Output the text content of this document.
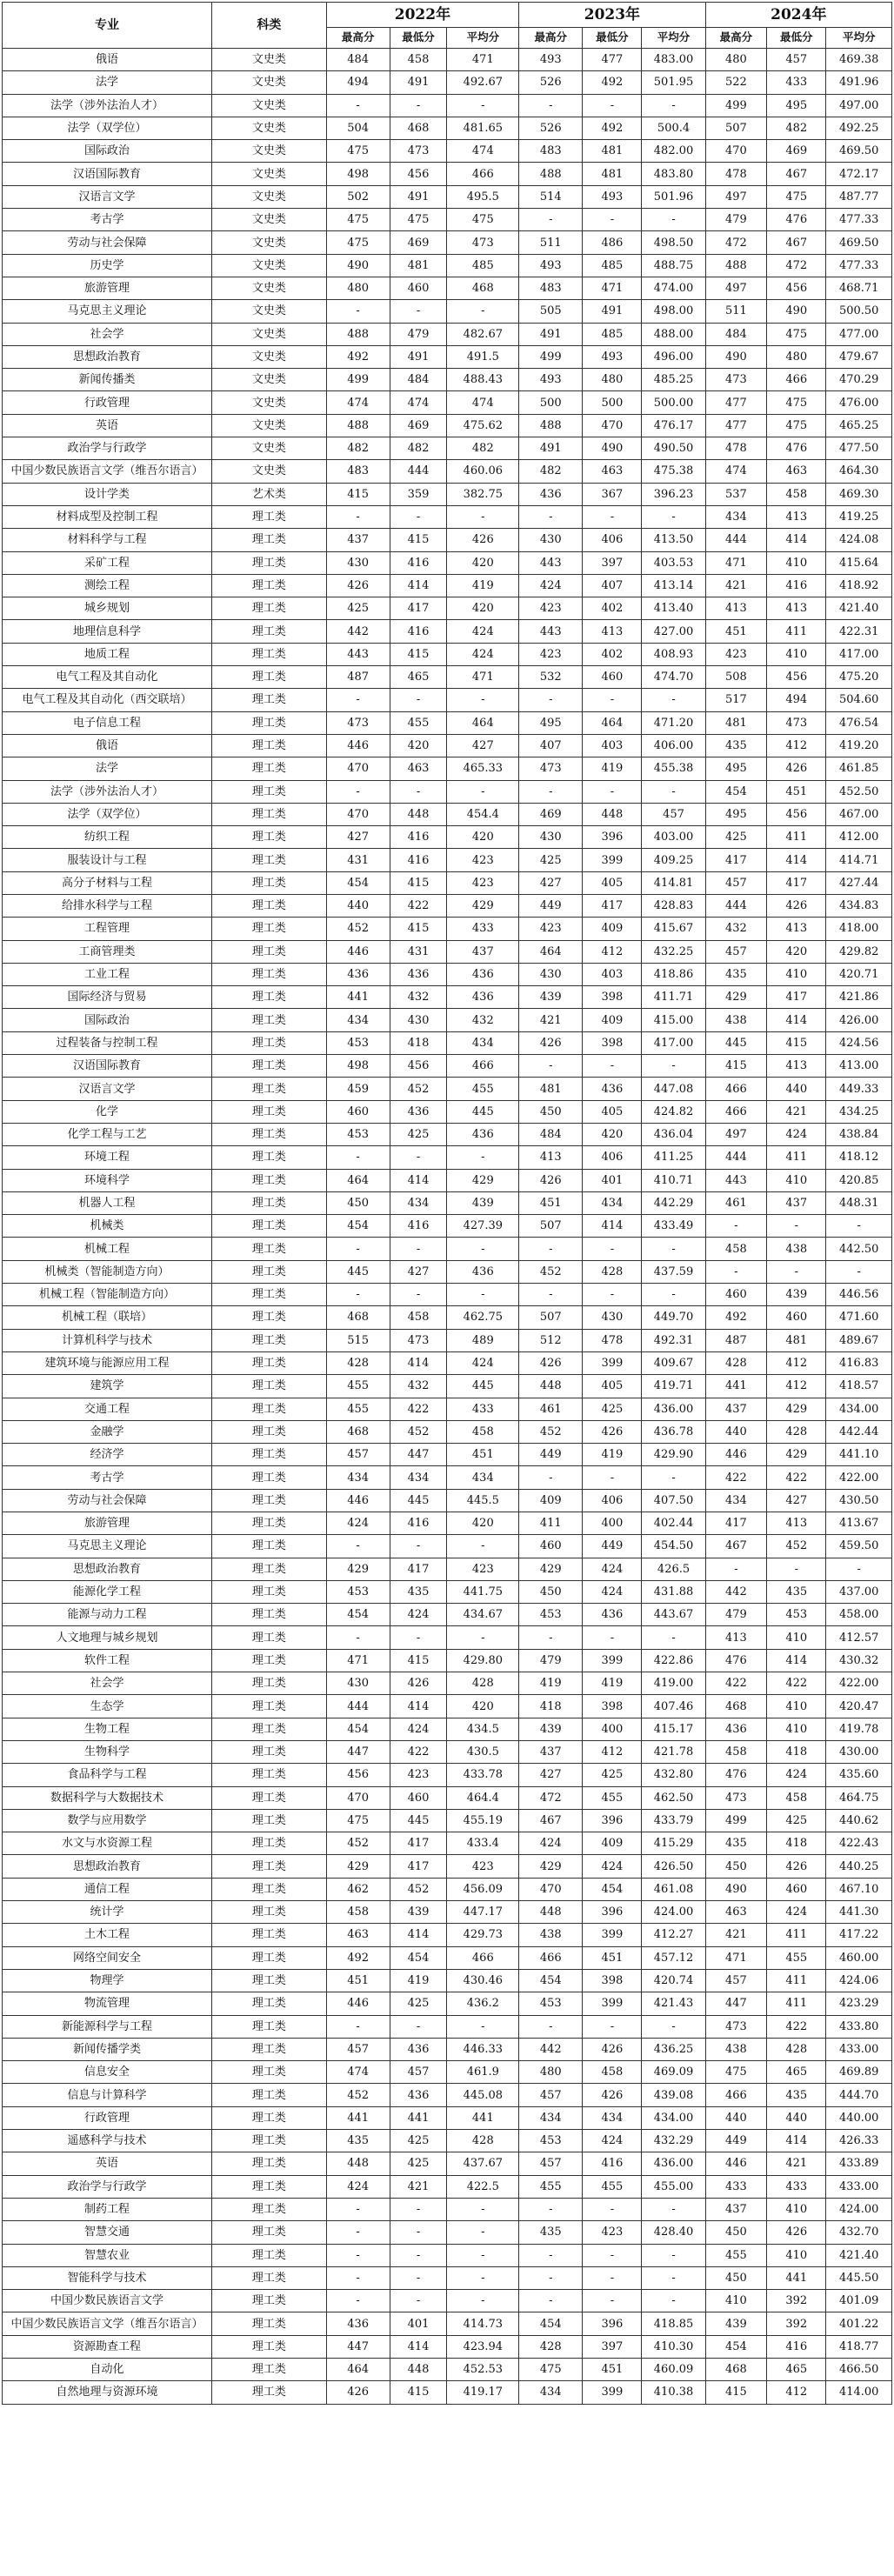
专业	科类	2022年			2023年			2024年		
		最高分	最低分	平均分	最高分	最低分	平均分	最高分	最低分	平均分
俄语	文史类	484	458	471	493	477	483.00	480	457	469.38
法学	文史类	494	491	492.67	526	492	501.95	522	433	491.96
法学（涉外法治人才）	文史类	-	-	-	-	-	-	499	495	497.00
法学（双学位）	文史类	504	468	481.65	526	492	500.4	507	482	492.25
国际政治	文史类	475	473	474	483	481	482.00	470	469	469.50
汉语国际教育	文史类	498	456	466	488	481	483.80	478	467	472.17
汉语言文学	文史类	502	491	495.5	514	493	501.96	497	475	487.77
考古学	文史类	475	475	475	-	-	-	479	476	477.33
劳动与社会保障	文史类	475	469	473	511	486	498.50	472	467	469.50
历史学	文史类	490	481	485	493	485	488.75	488	472	477.33
旅游管理	文史类	480	460	468	483	471	474.00	497	456	468.71
马克思主义理论	文史类	-	-	-	505	491	498.00	511	490	500.50
社会学	文史类	488	479	482.67	491	485	488.00	484	475	477.00
思想政治教育	文史类	492	491	491.5	499	493	496.00	490	480	479.67
新闻传播类	文史类	499	484	488.43	493	480	485.25	473	466	470.29
行政管理	文史类	474	474	474	500	500	500.00	477	475	476.00
英语	文史类	488	469	475.62	488	470	476.17	477	475	465.25
政治学与行政学	文史类	482	482	482	491	490	490.50	478	476	477.50
中国少数民族语言文学（维吾尔语言）	文史类	483	444	460.06	482	463	475.38	474	463	464.30
设计学类	艺术类	415	359	382.75	436	367	396.23	537	458	469.30
材料成型及控制工程	理工类	-	-	-	-	-	-	434	413	419.25
材料科学与工程	理工类	437	415	426	430	406	413.50	444	414	424.08
采矿工程	理工类	430	416	420	443	397	403.53	471	410	415.64
测绘工程	理工类	426	414	419	424	407	413.14	421	416	418.92
城乡规划	理工类	425	417	420	423	402	413.40	413	413	421.40
地理信息科学	理工类	442	416	424	443	413	427.00	451	411	422.31
地质工程	理工类	443	415	424	423	402	408.93	423	410	417.00
电气工程及其自动化	理工类	487	465	471	532	460	474.70	508	456	475.20
电气工程及其自动化（西交联培）	理工类	-	-	-	-	-	-	517	494	504.60
电子信息工程	理工类	473	455	464	495	464	471.20	481	473	476.54
俄语	理工类	446	420	427	407	403	406.00	435	412	419.20
法学	理工类	470	463	465.33	473	419	455.38	495	426	461.85
法学（涉外法治人才）	理工类	-	-	-	-	-	-	454	451	452.50
法学（双学位）	理工类	470	448	454.4	469	448	457	495	456	467.00
纺织工程	理工类	427	416	420	430	396	403.00	425	411	412.00
服装设计与工程	理工类	431	416	423	425	399	409.25	417	414	414.71
高分子材料与工程	理工类	454	415	423	427	405	414.81	457	417	427.44
给排水科学与工程	理工类	440	422	429	449	417	428.83	444	426	434.83
工程管理	理工类	452	415	433	423	409	415.67	432	413	418.00
工商管理类	理工类	446	431	437	464	412	432.25	457	420	429.82
工业工程	理工类	436	436	436	430	403	418.86	435	410	420.71
国际经济与贸易	理工类	441	432	436	439	398	411.71	429	417	421.86
国际政治	理工类	434	430	432	421	409	415.00	438	414	426.00
过程装备与控制工程	理工类	453	418	434	426	398	417.00	445	415	424.56
汉语国际教育	理工类	498	456	466	-	-	-	415	413	413.00
汉语言文学	理工类	459	452	455	481	436	447.08	466	440	449.33
化学	理工类	460	436	445	450	405	424.82	466	421	434.25
化学工程与工艺	理工类	453	425	436	484	420	436.04	497	424	438.84
环境工程	理工类	-	-	-	413	406	411.25	444	411	418.12
环境科学	理工类	464	414	429	426	401	410.71	443	410	420.85
机器人工程	理工类	450	434	439	451	434	442.29	461	437	448.31
机械类	理工类	454	416	427.39	507	414	433.49	-	-	-
机械工程	理工类	-	-	-	-	-	-	458	438	442.50
机械类（智能制造方向）	理工类	445	427	436	452	428	437.59	-	-	-
机械工程（智能制造方向）	理工类	-	-	-	-	-	-	460	439	446.56
机械工程（联培）	理工类	468	458	462.75	507	430	449.70	492	460	471.60
计算机科学与技术	理工类	515	473	489	512	478	492.31	487	481	489.67
建筑环境与能源应用工程	理工类	428	414	424	426	399	409.67	428	412	416.83
建筑学	理工类	455	432	445	448	405	419.71	441	412	418.57
交通工程	理工类	455	422	433	461	425	436.00	437	429	434.00
金融学	理工类	468	452	458	452	426	436.78	440	428	442.44
经济学	理工类	457	447	451	449	419	429.90	446	429	441.10
考古学	理工类	434	434	434	-	-	-	422	422	422.00
劳动与社会保障	理工类	446	445	445.5	409	406	407.50	434	427	430.50
旅游管理	理工类	424	416	420	411	400	402.44	417	413	413.67
马克思主义理论	理工类	-	-	-	460	449	454.50	467	452	459.50
思想政治教育	理工类	429	417	423	429	424	426.5	-	-	-
能源化学工程	理工类	453	435	441.75	450	424	431.88	442	435	437.00
能源与动力工程	理工类	454	424	434.67	453	436	443.67	479	453	458.00
人文地理与城乡规划	理工类	-	-	-	-	-	-	413	410	412.57
软件工程	理工类	471	415	429.80	479	399	422.86	476	414	430.32
社会学	理工类	430	426	428	419	419	419.00	422	422	422.00
生态学	理工类	444	414	420	418	398	407.46	468	410	420.47
生物工程	理工类	454	424	434.5	439	400	415.17	436	410	419.78
生物科学	理工类	447	422	430.5	437	412	421.78	458	418	430.00
食品科学与工程	理工类	456	423	433.78	427	425	432.80	476	424	435.60
数据科学与大数据技术	理工类	470	460	464.4	472	455	462.50	473	458	464.75
数学与应用数学	理工类	475	445	455.19	467	396	433.79	499	425	440.62
水文与水资源工程	理工类	452	417	433.4	424	409	415.29	435	418	422.43
思想政治教育	理工类	429	417	423	429	424	426.50	450	426	440.25
通信工程	理工类	462	452	456.09	470	454	461.08	490	460	467.10
统计学	理工类	458	439	447.17	448	396	424.00	463	424	441.30
土木工程	理工类	463	414	429.73	438	399	412.27	421	411	417.22
网络空间安全	理工类	492	454	466	466	451	457.12	471	455	460.00
物理学	理工类	451	419	430.46	454	398	420.74	457	411	424.06
物流管理	理工类	446	425	436.2	453	399	421.43	447	411	423.29
新能源科学与工程	理工类	-	-	-	-	-	-	473	422	433.80
新闻传播学类	理工类	457	436	446.33	442	426	436.25	438	428	433.00
信息安全	理工类	474	457	461.9	480	458	469.09	475	465	469.89
信息与计算科学	理工类	452	436	445.08	457	426	439.08	466	435	444.70
行政管理	理工类	441	441	441	434	434	434.00	440	440	440.00
遥感科学与技术	理工类	435	425	428	453	424	432.29	449	414	426.33
英语	理工类	448	425	437.67	457	416	436.00	446	421	433.89
政治学与行政学	理工类	424	421	422.5	455	455	455.00	433	433	433.00
制药工程	理工类	-	-	-	-	-	-	437	410	424.00
智慧交通	理工类	-	-	-	435	423	428.40	450	426	432.70
智慧农业	理工类	-	-	-	-	-	-	455	410	421.40
智能科学与技术	理工类	-	-	-	-	-	-	450	441	445.50
中国少数民族语言文学	理工类	-	-	-	-	-	-	410	392	401.09
中国少数民族语言文学（维吾尔语言）	理工类	436	401	414.73	454	396	418.85	439	392	401.22
资源勘查工程	理工类	447	414	423.94	428	397	410.30	454	416	418.77
自动化	理工类	464	448	452.53	475	451	460.09	468	465	466.50
自然地理与资源环境	理工类	426	415	419.17	434	399	410.38	415	412	414.00
